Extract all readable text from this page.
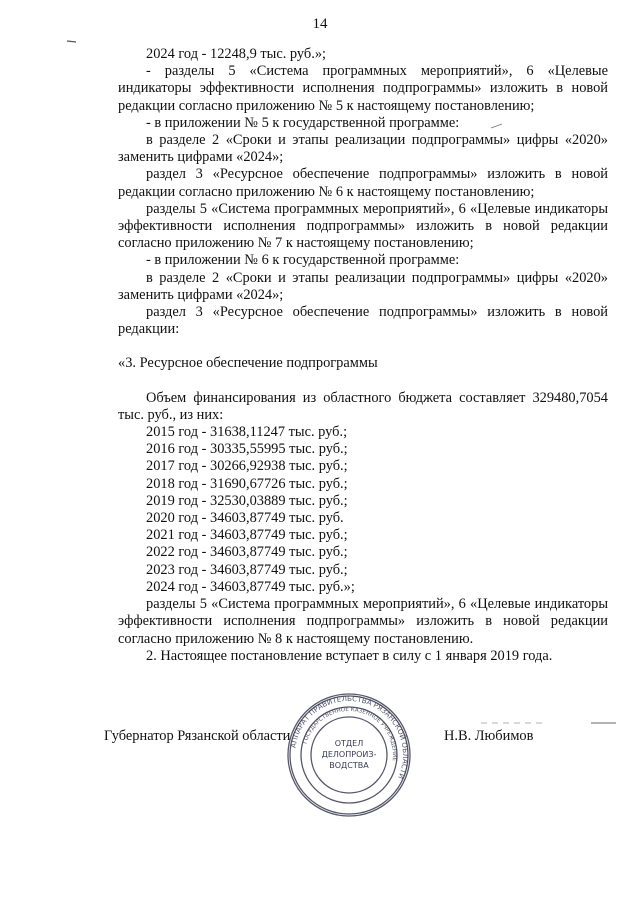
14

2024 год - 12248,9 тыс. руб.»;

- разделы 5 «Система программных мероприятий», 6 «Целевые индикаторы эффективности исполнения подпрограммы» изложить в новой редакции согласно приложению № 5 к настоящему постановлению;

- в приложении № 5 к государственной программе:

в разделе 2 «Сроки и этапы реализации подпрограммы» цифры «2020» заменить цифрами «2024»;

раздел 3 «Ресурсное обеспечение подпрограммы» изложить в новой редакции согласно приложению № 6 к настоящему постановлению;

разделы 5 «Система программных мероприятий», 6 «Целевые индикаторы эффективности исполнения подпрограммы» изложить в новой редакции согласно приложению № 7 к настоящему постановлению;

- в приложении № 6 к государственной программе:

в разделе 2 «Сроки и этапы реализации подпрограммы» цифры «2020» заменить цифрами «2024»;

раздел 3 «Ресурсное обеспечение подпрограммы» изложить в новой редакции:

«3. Ресурсное обеспечение подпрограммы

Объем финансирования из областного бюджета составляет 329480,7054 тыс. руб., из них:

2015 год - 31638,11247 тыс. руб.;

2016 год - 30335,55995 тыс. руб.;

2017 год - 30266,92938 тыс. руб.;

2018 год - 31690,67726 тыс. руб.;

2019 год - 32530,03889 тыс. руб.;

2020 год - 34603,87749 тыс. руб.

2021 год - 34603,87749 тыс. руб.;

2022 год - 34603,87749 тыс. руб.;

2023 год - 34603,87749 тыс. руб.;

2024 год - 34603,87749 тыс. руб.»;

разделы 5 «Система программных мероприятий», 6 «Целевые индикаторы эффективности исполнения подпрограммы» изложить в новой редакции согласно приложению № 8 к настоящему постановлению.

2. Настоящее постановление вступает в силу с 1 января 2019 года.

Губернатор Рязанской области	Н.В. Любимов
АППАРАТ ПРАВИТЕЛЬСТВА РЯЗАНСКОЙ ОБЛАСТИ
ГОСУДАРСТВЕННОЕ КАЗЕННОЕ УЧРЕЖДЕНИЕ
ОТДЕЛ
ДЕЛОПРОИЗ-
ВОДСТВА
